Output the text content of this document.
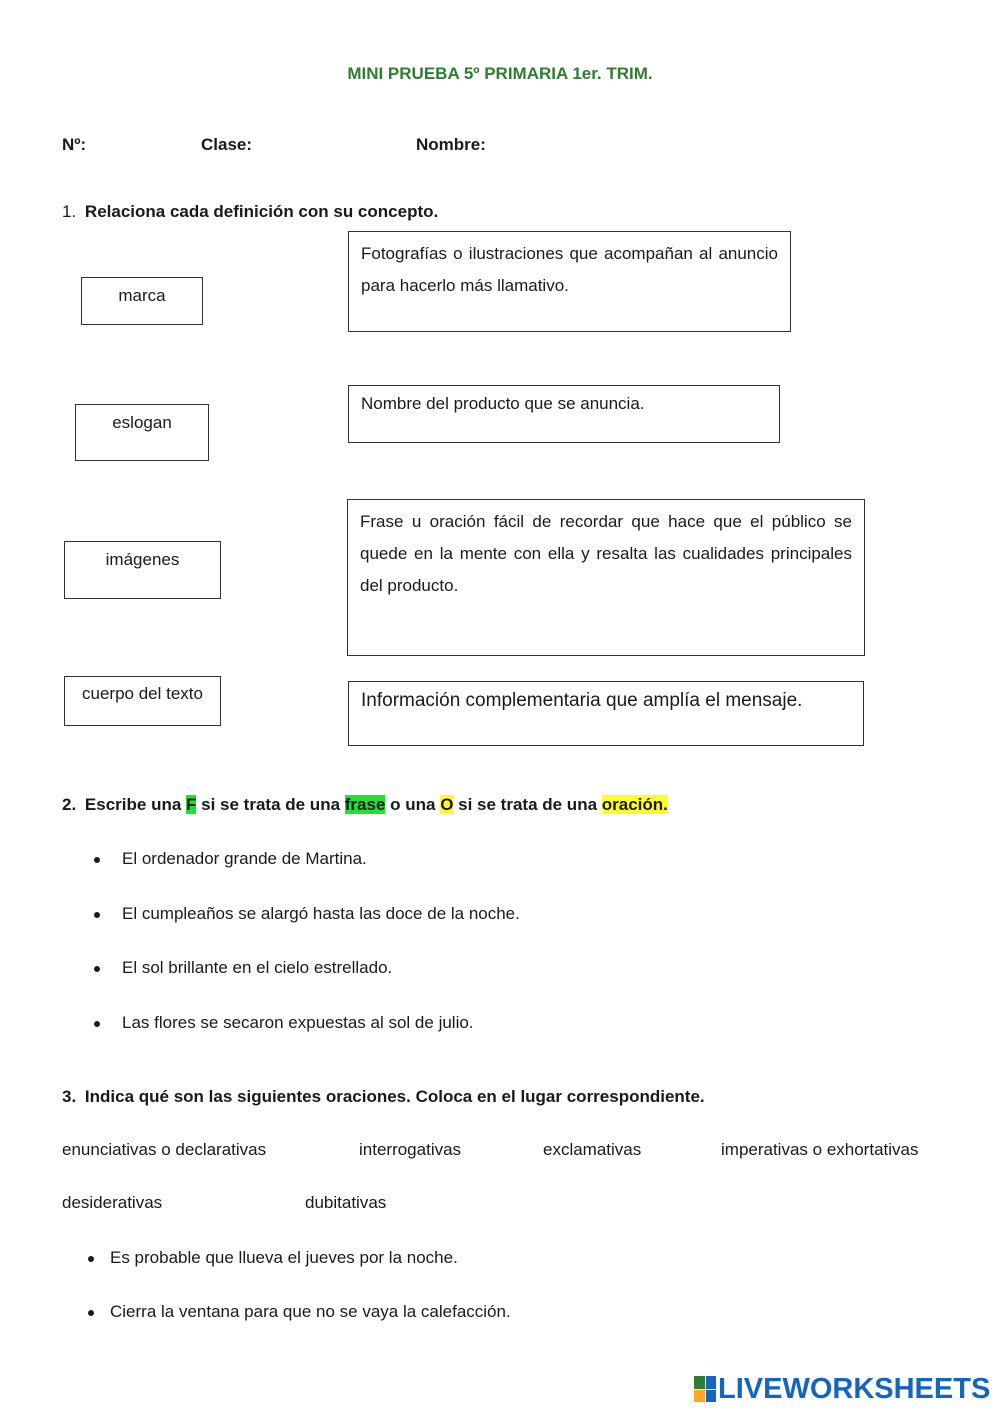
MINI PRUEBA 5º PRIMARIA 1er. TRIM.
Nº:	Clase:	Nombre:
1. Relaciona cada definición con su concepto.
marca
eslogan
imágenes
cuerpo del texto
Fotografías o ilustraciones que acompañan al anuncio para hacerlo más llamativo.
Nombre del producto que se anuncia.
Frase u oración fácil de recordar que hace que el público se quede en la mente con ella y resalta las cualidades principales del producto.
Información complementaria que amplía el mensaje.
2. Escribe una F si se trata de una frase o una O si se trata de una oración.
El ordenador grande de Martina.
El cumpleaños se alargó hasta las doce de la noche.
El sol brillante en el cielo estrellado.
Las flores se secaron expuestas al sol de julio.
3. Indica qué son las siguientes oraciones. Coloca en el lugar correspondiente.
enunciativas o declarativas	interrogativas	exclamativas	imperativas o exhortativas
desiderativas	dubitativas
Es probable que llueva el jueves por la noche.
Cierra la ventana para que no se vaya la calefacción.
LIVEWORKSHEETS
